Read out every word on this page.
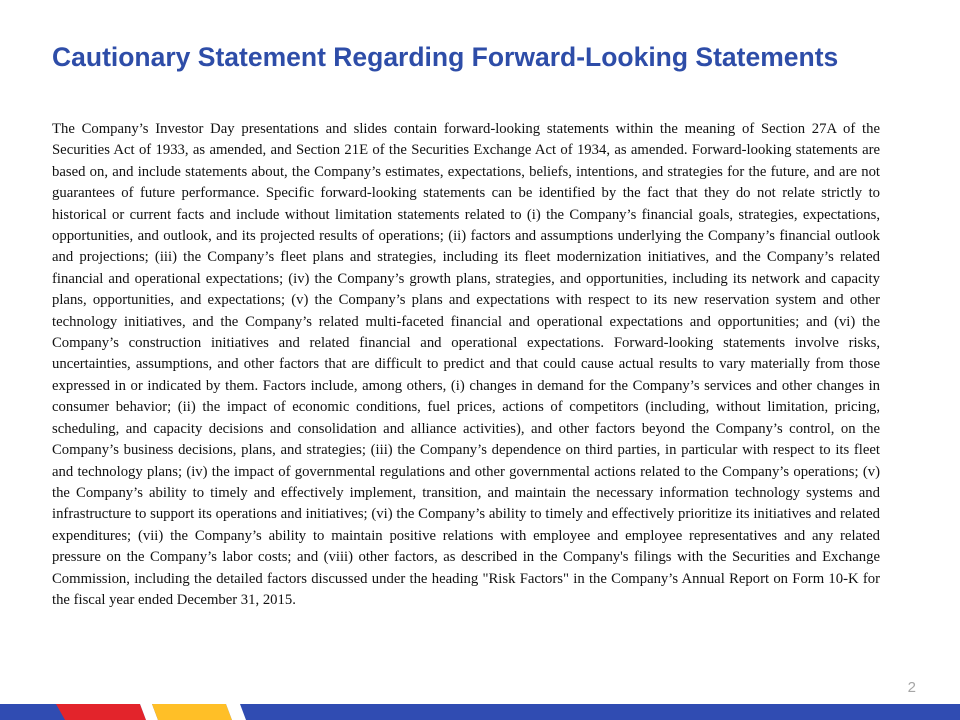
Cautionary Statement Regarding Forward-Looking Statements

The Company’s Investor Day presentations and slides contain forward-looking statements within the meaning of Section 27A of the Securities Act of 1933, as amended, and Section 21E of the Securities Exchange Act of 1934, as amended. Forward-looking statements are based on, and include statements about, the Company’s estimates, expectations, beliefs, intentions, and strategies for the future, and are not guarantees of future performance. Specific forward-looking statements can be identified by the fact that they do not relate strictly to historical or current facts and include without limitation statements related to (i) the Company’s financial goals, strategies, expectations, opportunities, and outlook, and its projected results of operations; (ii) factors and assumptions underlying the Company’s financial outlook and projections; (iii) the Company’s fleet plans and strategies, including its fleet modernization initiatives, and the Company’s related financial and operational expectations; (iv) the Company’s growth plans, strategies, and opportunities, including its network and capacity plans, opportunities, and expectations; (v) the Company’s plans and expectations with respect to its new reservation system and other technology initiatives, and the Company’s related multi-faceted financial and operational expectations and opportunities; and (vi) the Company’s construction initiatives and related financial and operational expectations. Forward-looking statements involve risks, uncertainties, assumptions, and other factors that are difficult to predict and that could cause actual results to vary materially from those expressed in or indicated by them. Factors include, among others, (i) changes in demand for the Company’s services and other changes in consumer behavior; (ii) the impact of economic conditions, fuel prices, actions of competitors (including, without limitation, pricing, scheduling, and capacity decisions and consolidation and alliance activities), and other factors beyond the Company’s control, on the Company’s business decisions, plans, and strategies; (iii) the Company’s dependence on third parties, in particular with respect to its fleet and technology plans; (iv) the impact of governmental regulations and other governmental actions related to the Company’s operations; (v) the Company’s ability to timely and effectively implement, transition, and maintain the necessary information technology systems and infrastructure to support its operations and initiatives; (vi) the Company’s ability to timely and effectively prioritize its initiatives and related expenditures; (vii) the Company’s ability to maintain positive relations with employee and employee representatives and any related pressure on the Company’s labor costs; and (viii) other factors, as described in the Company's filings with the Securities and Exchange Commission, including the detailed factors discussed under the heading "Risk Factors" in the Company’s Annual Report on Form 10-K for the fiscal year ended December 31, 2015.

2
